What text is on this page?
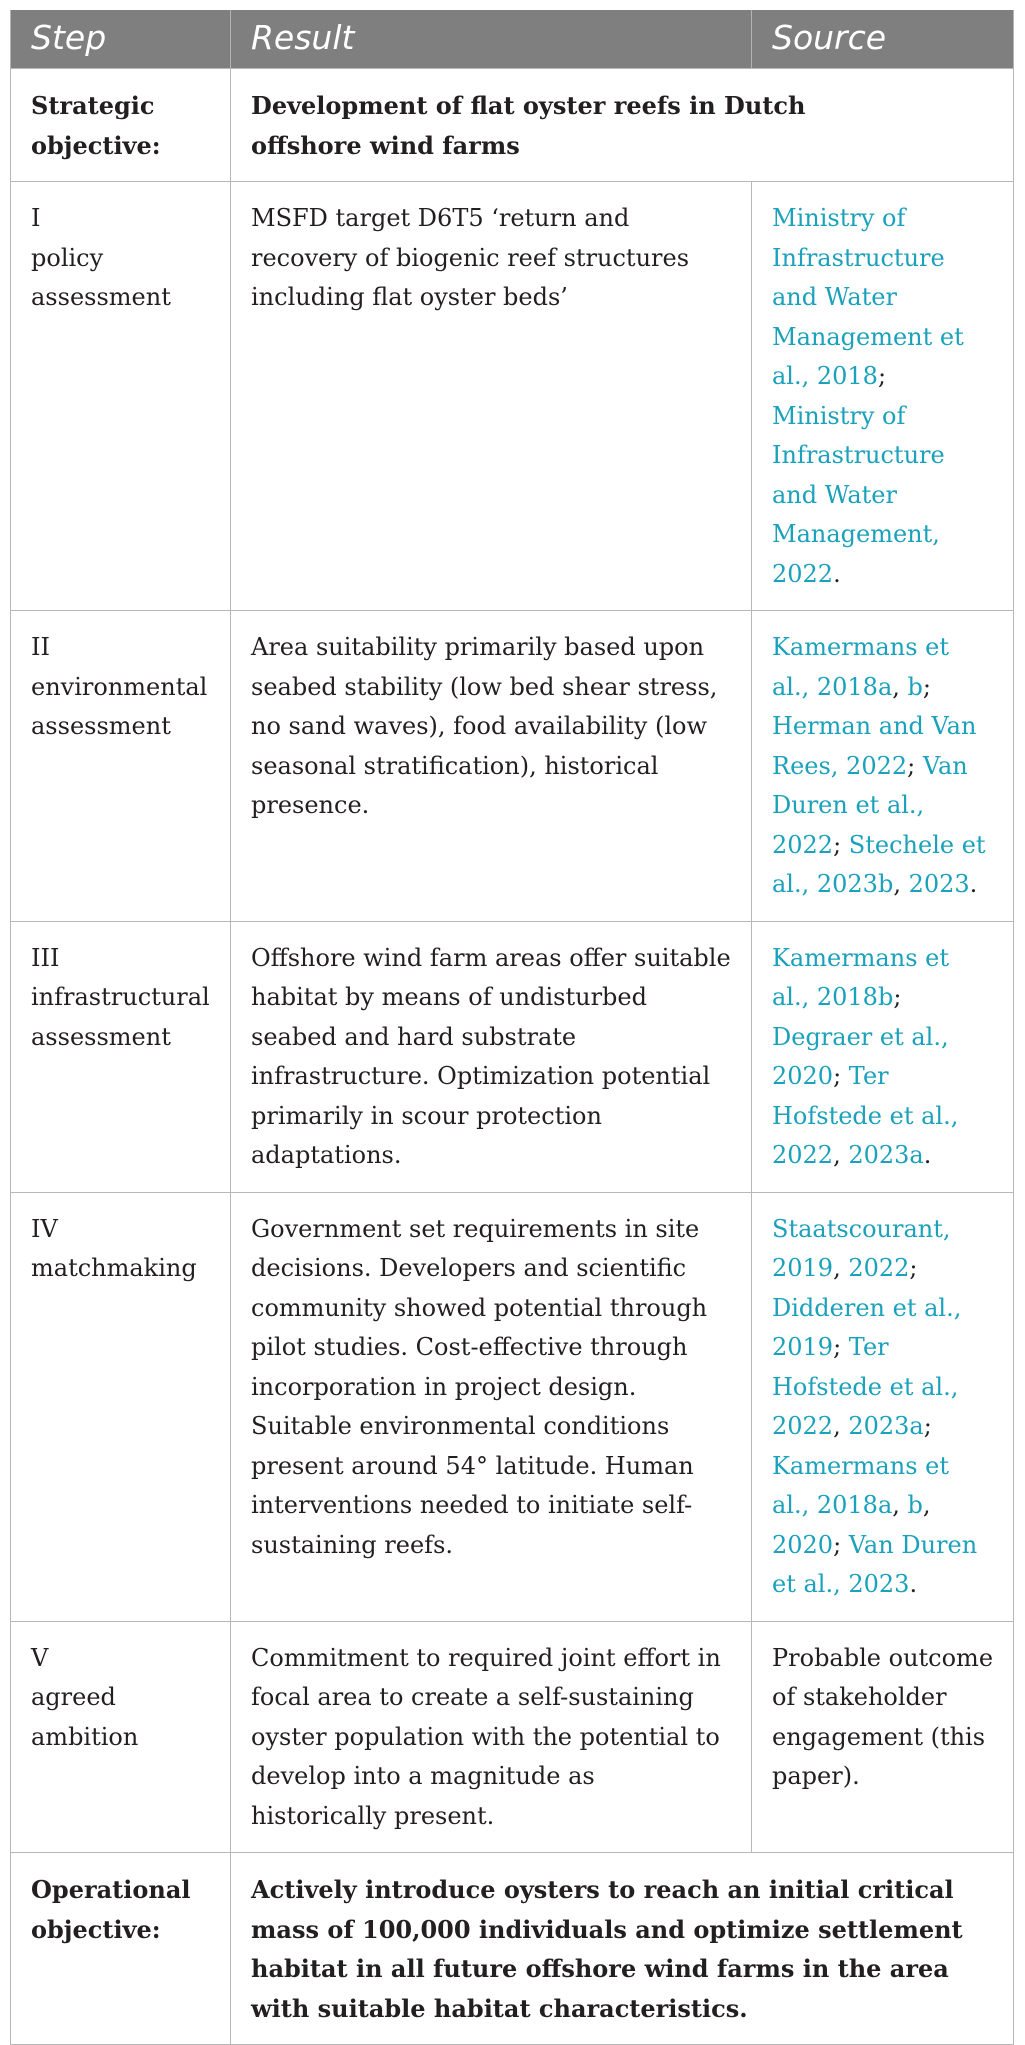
Step	Result	Source
Strategic objective:	Development of flat oyster reefs in Dutch offshore wind farms	

I
policy assessment	MSFD target D6T5 ‘return and recovery of biogenic reef structures including flat oyster beds’	Ministry of Infrastructure and Water Management et al., 2018; Ministry of Infrastructure and Water Management, 2022.

II
environmental assessment	Area suitability primarily based upon seabed stability (low bed shear stress, no sand waves), food availability (low seasonal stratification), historical presence.	Kamermans et al., 2018a, b; Herman and Van Rees, 2022; Van Duren et al., 2022; Stechele et al., 2023b, 2023.

III
infrastructural assessment	Offshore wind farm areas offer suitable habitat by means of undisturbed seabed and hard substrate infrastructure. Optimization potential primarily in scour protection adaptations.	Kamermans et al., 2018b; Degraer et al., 2020; Ter Hofstede et al., 2022, 2023a.

IV
matchmaking	Government set requirements in site decisions. Developers and scientific community showed potential through pilot studies. Cost-effective through incorporation in project design. Suitable environmental conditions present around 54° latitude. Human interventions needed to initiate self-sustaining reefs.	Staatscourant, 2019, 2022; Didderen et al., 2019; Ter Hofstede et al., 2022, 2023a; Kamermans et al., 2018a, b, 2020; Van Duren et al., 2023.

V
agreed ambition	Commitment to required joint effort in focal area to create a self-sustaining oyster population with the potential to develop into a magnitude as historically present.	Probable outcome of stakeholder engagement (this paper).
Operational objective:	Actively introduce oysters to reach an initial critical mass of 100,000 individuals and optimize settlement habitat in all future offshore wind farms in the area with suitable habitat characteristics.	
